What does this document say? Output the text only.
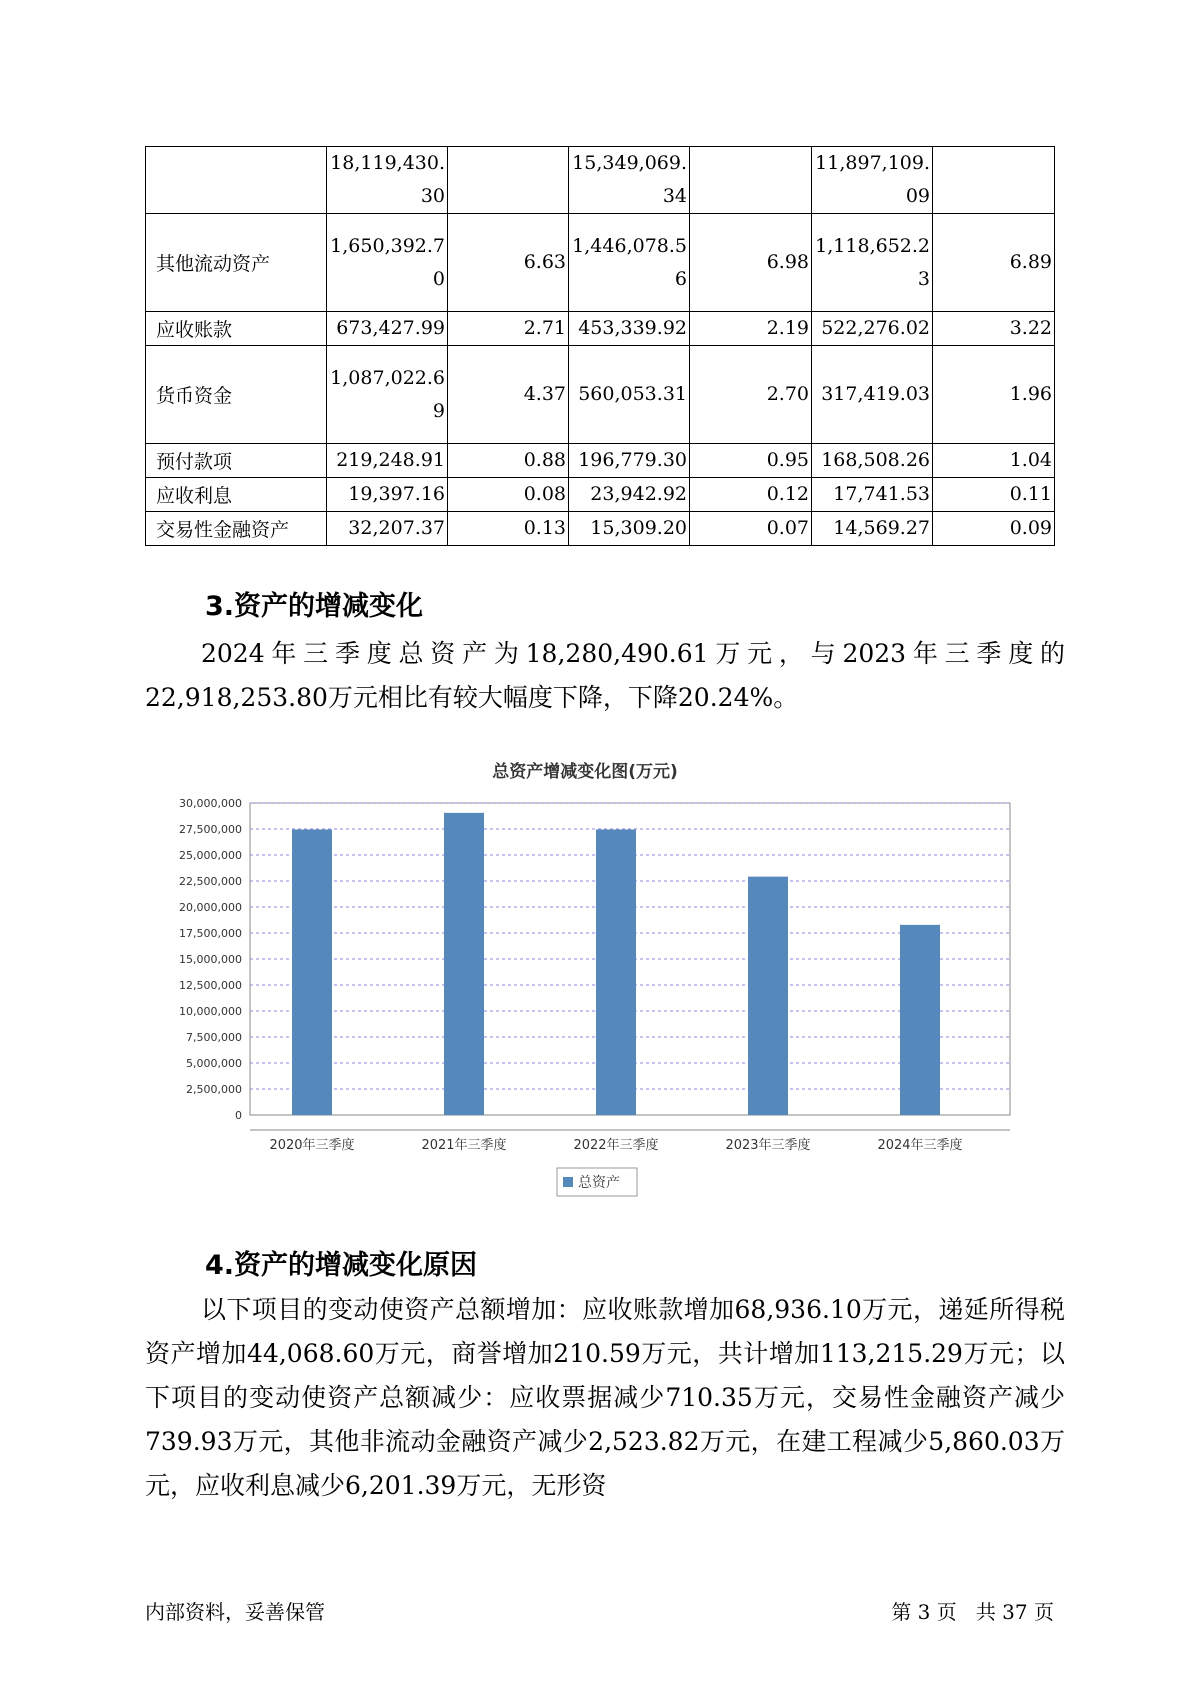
	18,119,430.30		15,349,069.34		11,897,109.09	
其他流动资产	1,650,392.70	6.63	1,446,078.56	6.98	1,118,652.23	6.89
应收账款	673,427.99	2.71	453,339.92	2.19	522,276.02	3.22
货币资金	1,087,022.69	4.37	560,053.31	2.70	317,419.03	1.96
预付款项	219,248.91	0.88	196,779.30	0.95	168,508.26	1.04
应收利息	19,397.16	0.08	23,942.92	0.12	17,741.53	0.11
交易性金融资产	32,207.37	0.13	15,309.20	0.07	14,569.27	0.09
3.资产的增减变化

2024年三季度总资产为18,280,490.61万元，与2023年三季度的22,918,253.80万元相比有较大幅度下降，下降20.24%。

总资产增减变化图(万元)
0
2,500,000
5,000,000
7,500,000
10,000,000
12,500,000
15,000,000
17,500,000
20,000,000
22,500,000
25,000,000
27,500,000
30,000,000
2020年三季度	2021年三季度	2022年三季度	2023年三季度	2024年三季度
总资产
4.资产的增减变化原因

以下项目的变动使资产总额增加：应收账款增加68,936.10万元，递延所得税资产增加44,068.60万元，商誉增加210.59万元，共计增加113,215.29万元；以下项目的变动使资产总额减少：应收票据减少710.35万元，交易性金融资产减少739.93万元，其他非流动金融资产减少2,523.82万元，在建工程减少5,860.03万元，应收利息减少6,201.39万元，无形资

内部资料，妥善保管	第 3 页   共 37 页
